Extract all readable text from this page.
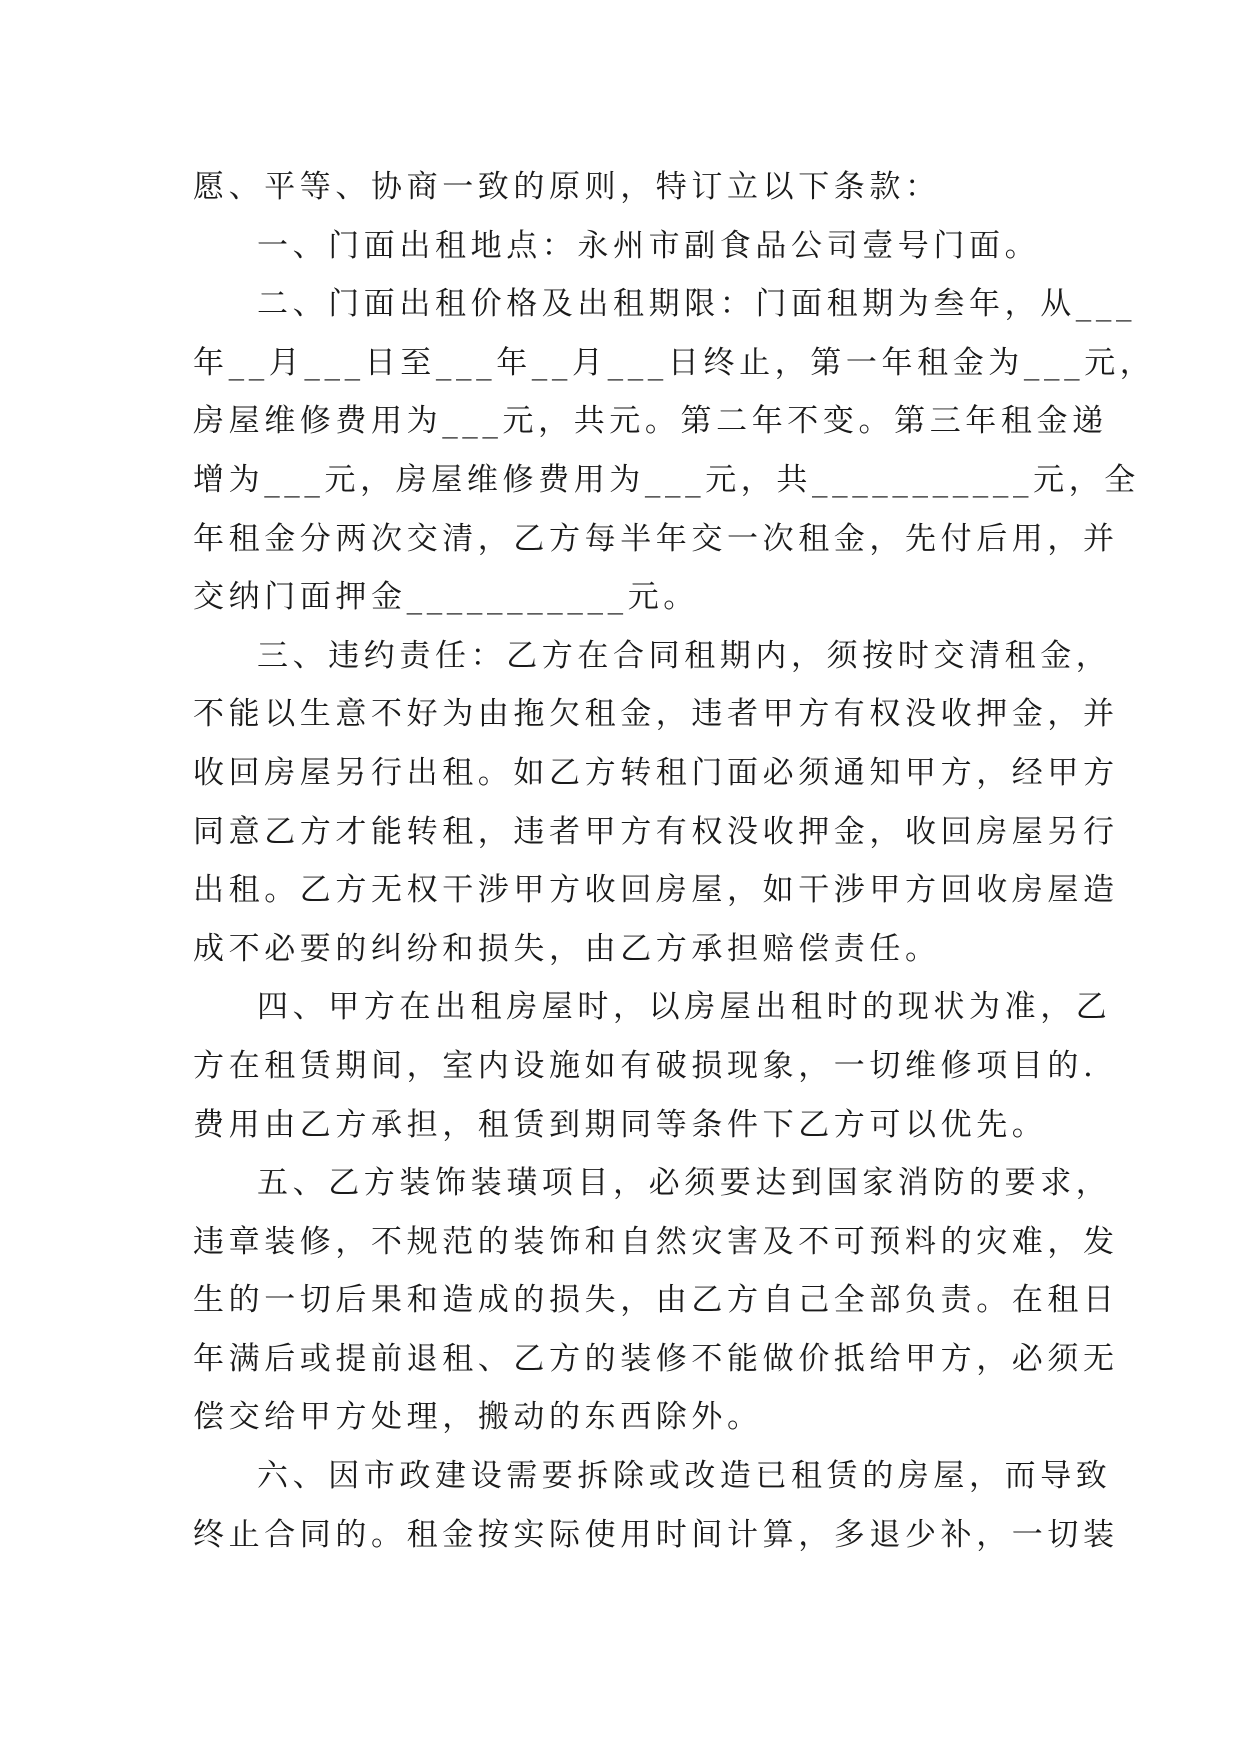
愿、平等、协商一致的原则，特订立以下条款：
一、门面出租地点：永州市副食品公司壹号门面。
二、门面出租价格及出租期限：门面租期为叁年，从___
年__月___日至___年__月___日终止，第一年租金为___元，
房屋维修费用为___元，共元。第二年不变。第三年租金递
增为___元，房屋维修费用为___元，共___________元，全
年租金分两次交清，乙方每半年交一次租金，先付后用，并
交纳门面押金___________元。
三、违约责任：乙方在合同租期内，须按时交清租金，
不能以生意不好为由拖欠租金，违者甲方有权没收押金，并
收回房屋另行出租。如乙方转租门面必须通知甲方，经甲方
同意乙方才能转租，违者甲方有权没收押金，收回房屋另行
出租。乙方无权干涉甲方收回房屋，如干涉甲方回收房屋造
成不必要的纠纷和损失，由乙方承担赔偿责任。
四、甲方在出租房屋时，以房屋出租时的现状为准，乙
方在租赁期间，室内设施如有破损现象，一切维修项目的.
费用由乙方承担，租赁到期同等条件下乙方可以优先。
五、乙方装饰装璜项目，必须要达到国家消防的要求，
违章装修，不规范的装饰和自然灾害及不可预料的灾难，发
生的一切后果和造成的损失，由乙方自己全部负责。在租日
年满后或提前退租、乙方的装修不能做价抵给甲方，必须无
偿交给甲方处理，搬动的东西除外。
六、因市政建设需要拆除或改造已租赁的房屋，而导致
终止合同的。租金按实际使用时间计算，多退少补，一切装
